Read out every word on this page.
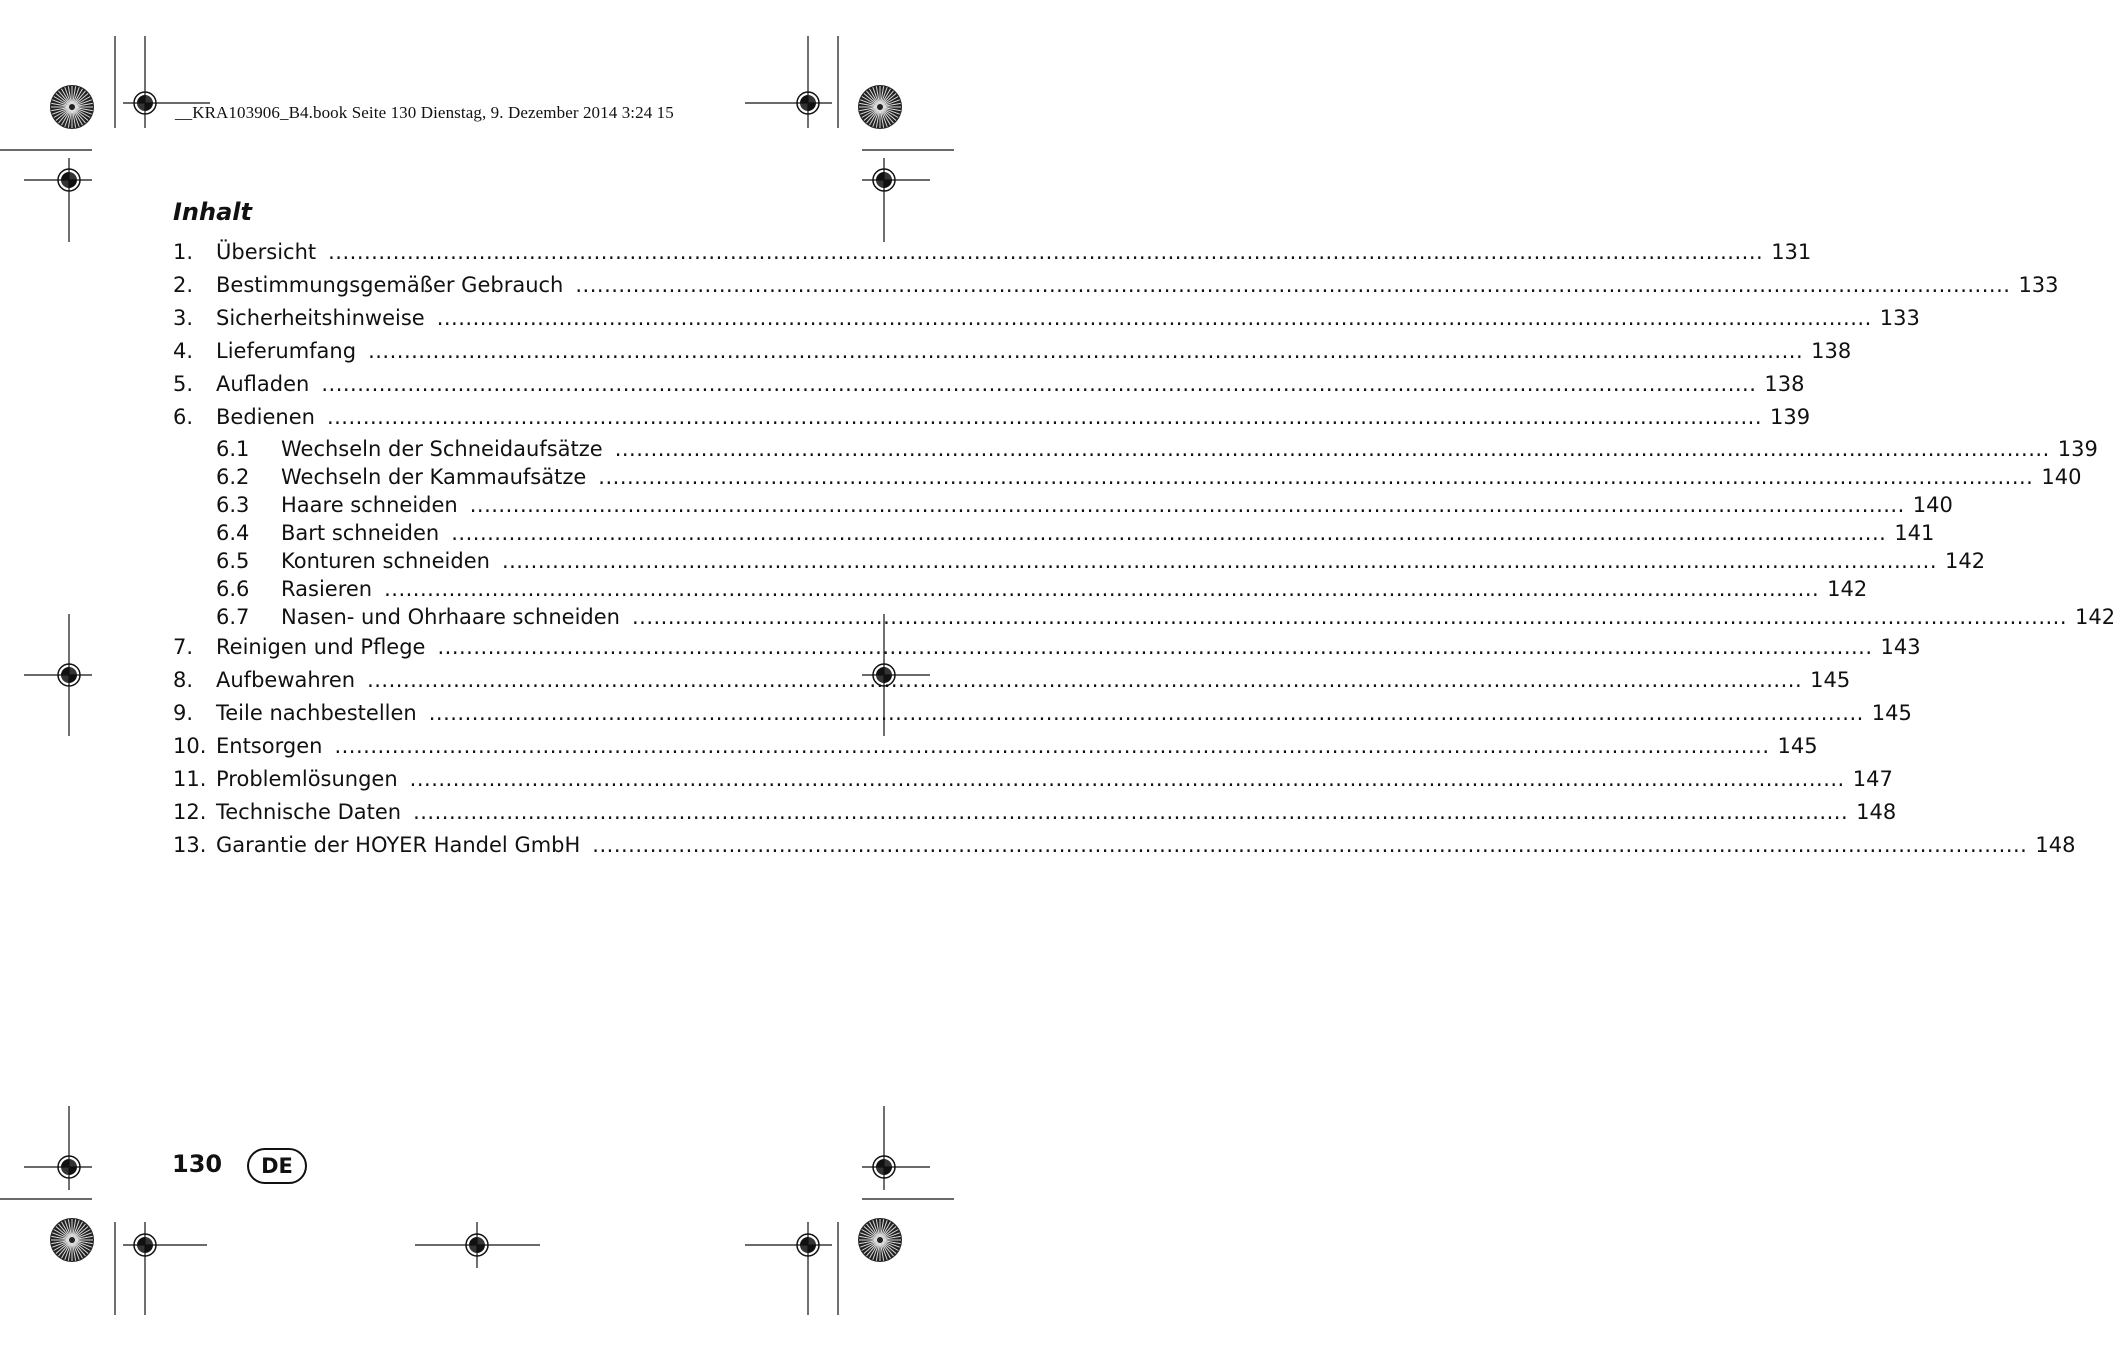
__KRA103906_B4.book Seite 130 Dienstag, 9. Dezember 2014 3:24 15
Inhalt
1.	Übersicht ........................................................................................................................................................................................................ 131
2.	Bestimmungsgemäßer Gebrauch ........................................................................................................................................................................................................ 133
3.	Sicherheitshinweise ........................................................................................................................................................................................................ 133
4.	Lieferumfang ........................................................................................................................................................................................................ 138
5.	Aufladen ........................................................................................................................................................................................................ 138
6.	Bedienen ........................................................................................................................................................................................................ 139
6.1	Wechseln der Schneidaufsätze ........................................................................................................................................................................................................ 139
6.2	Wechseln der Kammaufsätze ........................................................................................................................................................................................................ 140
6.3	Haare schneiden ........................................................................................................................................................................................................ 140
6.4	Bart schneiden ........................................................................................................................................................................................................ 141
6.5	Konturen schneiden ........................................................................................................................................................................................................ 142
6.6	Rasieren ........................................................................................................................................................................................................ 142
6.7	Nasen- und Ohrhaare schneiden ........................................................................................................................................................................................................ 142
7.	Reinigen und Pflege ........................................................................................................................................................................................................ 143
8.	Aufbewahren ........................................................................................................................................................................................................ 145
9.	Teile nachbestellen ........................................................................................................................................................................................................ 145
10. Entsorgen ........................................................................................................................................................................................................ 145
11. Problemlösungen ........................................................................................................................................................................................................ 147
12. Technische Daten ........................................................................................................................................................................................................ 148
13. Garantie der HOYER Handel GmbH ........................................................................................................................................................................................................ 148
130	DE
